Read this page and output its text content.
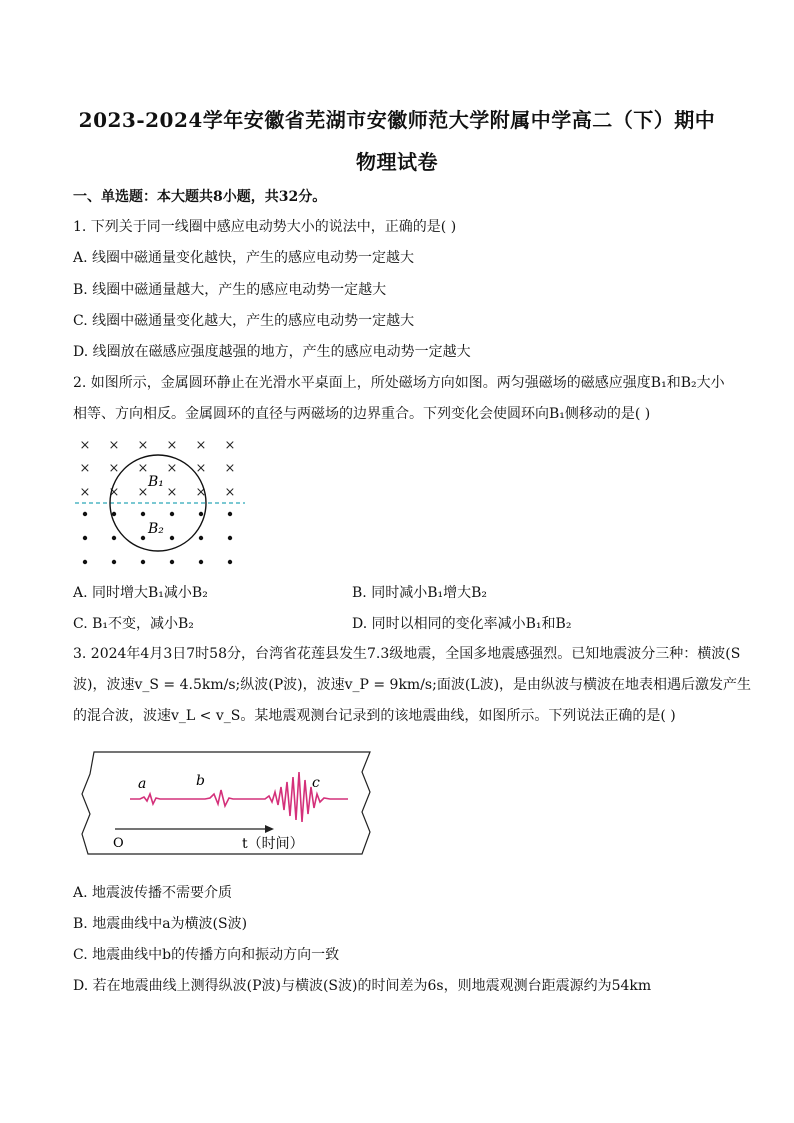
2023-2024学年安徽省芜湖市安徽师范大学附属中学高二（下）期中
物理试卷
一、单选题：本大题共8小题，共32分。
1. 下列关于同一线圈中感应电动势大小的说法中，正确的是( )
A. 线圈中磁通量变化越快，产生的感应电动势一定越大
B. 线圈中磁通量越大，产生的感应电动势一定越大
C. 线圈中磁通量变化越大，产生的感应电动势一定越大
D. 线圈放在磁感应强度越强的地方，产生的感应电动势一定越大
2. 如图所示，金属圆环静止在光滑水平桌面上，所处磁场方向如图。两匀强磁场的磁感应强度B₁和B₂大小
相等、方向相反。金属圆环的直径与两磁场的边界重合。下列变化会使圆环向B₁侧移动的是( )
× × × × × ×
× × × × × ×
× × × × × ×
B₁
B₂
A. 同时增大B₁减小B₂	B. 同时减小B₁增大B₂
C. B₁不变，减小B₂	D. 同时以相同的变化率减小B₁和B₂
3. 2024年4月3日7时58分，台湾省花莲县发生7.3级地震，全国多地震感强烈。已知地震波分三种：横波(S
波)，波速v_S = 4.5km/s;纵波(P波)，波速v_P = 9km/s;面波(L波)，是由纵波与横波在地表相遇后激发产生
的混合波，波速v_L < v_S。某地震观测台记录到的该地震曲线，如图所示。下列说法正确的是( )
a	b	c
O	t（时间）
A. 地震波传播不需要介质
B. 地震曲线中a为横波(S波)
C. 地震曲线中b的传播方向和振动方向一致
D. 若在地震曲线上测得纵波(P波)与横波(S波)的时间差为6s，则地震观测台距震源约为54km
